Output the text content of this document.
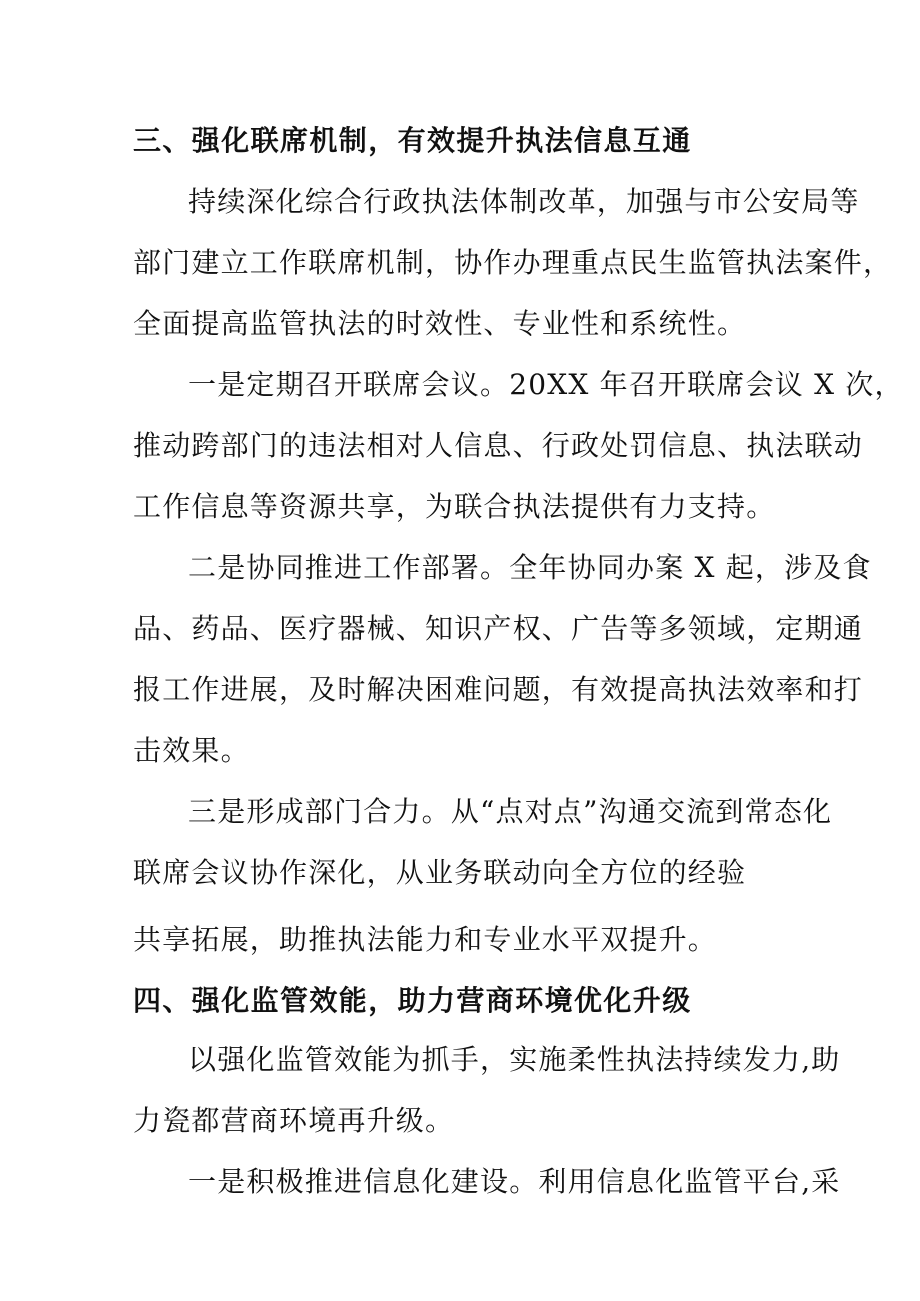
三、强化联席机制，有效提升执法信息互通

持续深化综合行政执法体制改革，加强与市公安局等

部门建立工作联席机制，协作办理重点民生监管执法案件，

全面提高监管执法的时效性、专业性和系统性。

一是定期召开联席会议。20XX 年召开联席会议 X 次，

推动跨部门的违法相对人信息、行政处罚信息、执法联动

工作信息等资源共享，为联合执法提供有力支持。

二是协同推进工作部署。全年协同办案 X 起，涉及食

品、药品、医疗器械、知识产权、广告等多领域，定期通

报工作进展，及时解决困难问题，有效提高执法效率和打

击效果。

三是形成部门合力。从“点对点”沟通交流到常态化

联席会议协作深化，从业务联动向全方位的经验

共享拓展，助推执法能力和专业水平双提升。

四、强化监管效能，助力营商环境优化升级

以强化监管效能为抓手，实施柔性执法持续发力,助

力瓷都营商环境再升级。

一是积极推进信息化建设。利用信息化监管平台,采
